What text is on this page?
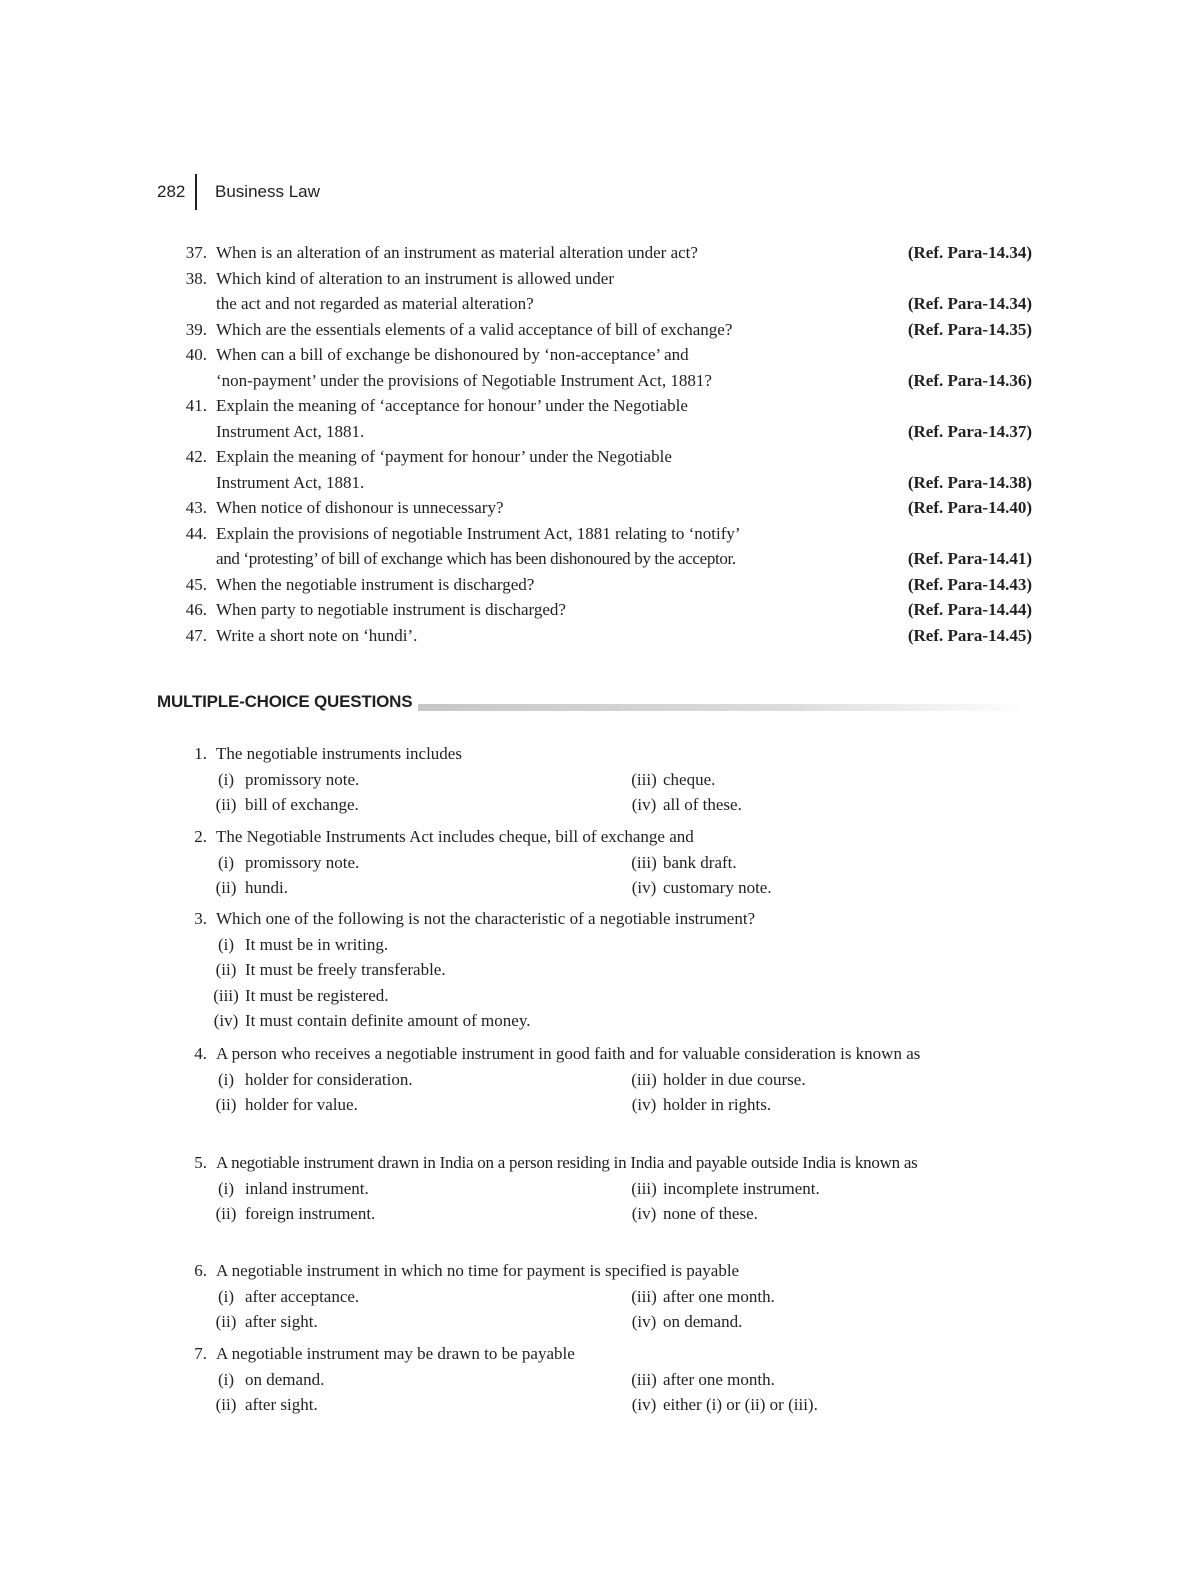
282	Business Law
37. When is an alteration of an instrument as material alteration under act?	(Ref. Para-14.34)
38. Which kind of alteration to an instrument is allowed under
the act and not regarded as material alteration?	(Ref. Para-14.34)
39. Which are the essentials elements of a valid acceptance of bill of exchange?	(Ref. Para-14.35)
40. When can a bill of exchange be dishonoured by ‘non-acceptance’ and
‘non-payment’ under the provisions of Negotiable Instrument Act, 1881?	(Ref. Para-14.36)
41. Explain the meaning of ‘acceptance for honour’ under the Negotiable
Instrument Act, 1881.	(Ref. Para-14.37)
42. Explain the meaning of ‘payment for honour’ under the Negotiable
Instrument Act, 1881.	(Ref. Para-14.38)
43. When notice of dishonour is unnecessary?	(Ref. Para-14.40)
44. Explain the provisions of negotiable Instrument Act, 1881 relating to ‘notify’
and ‘protesting’ of bill of exchange which has been dishonoured by the acceptor.	(Ref. Para-14.41)
45. When the negotiable instrument is discharged?	(Ref. Para-14.43)
46. When party to negotiable instrument is discharged?	(Ref. Para-14.44)
47. Write a short note on ‘hundi’.	(Ref. Para-14.45)
MULTIPLE-CHOICE QUESTIONS
1. The negotiable instruments includes
(i) promissory note.	(iii) cheque.
(ii) bill of exchange.	(iv) all of these.
2. The Negotiable Instruments Act includes cheque, bill of exchange and
(i) promissory note.	(iii) bank draft.
(ii) hundi.	(iv) customary note.
3. Which one of the following is not the characteristic of a negotiable instrument?
(i) It must be in writing.
(ii) It must be freely transferable.
(iii) It must be registered.
(iv) It must contain definite amount of money.
4. A person who receives a negotiable instrument in good faith and for valuable consideration is known as
(i) holder for consideration.	(iii) holder in due course.
(ii) holder for value.	(iv) holder in rights.
5. A negotiable instrument drawn in India on a person residing in India and payable outside India is known as
(i) inland instrument.	(iii) incomplete instrument.
(ii) foreign instrument.	(iv) none of these.
6. A negotiable instrument in which no time for payment is specified is payable
(i) after acceptance.	(iii) after one month.
(ii) after sight.	(iv) on demand.
7. A negotiable instrument may be drawn to be payable
(i) on demand.	(iii) after one month.
(ii) after sight.	(iv) either (i) or (ii) or (iii).
